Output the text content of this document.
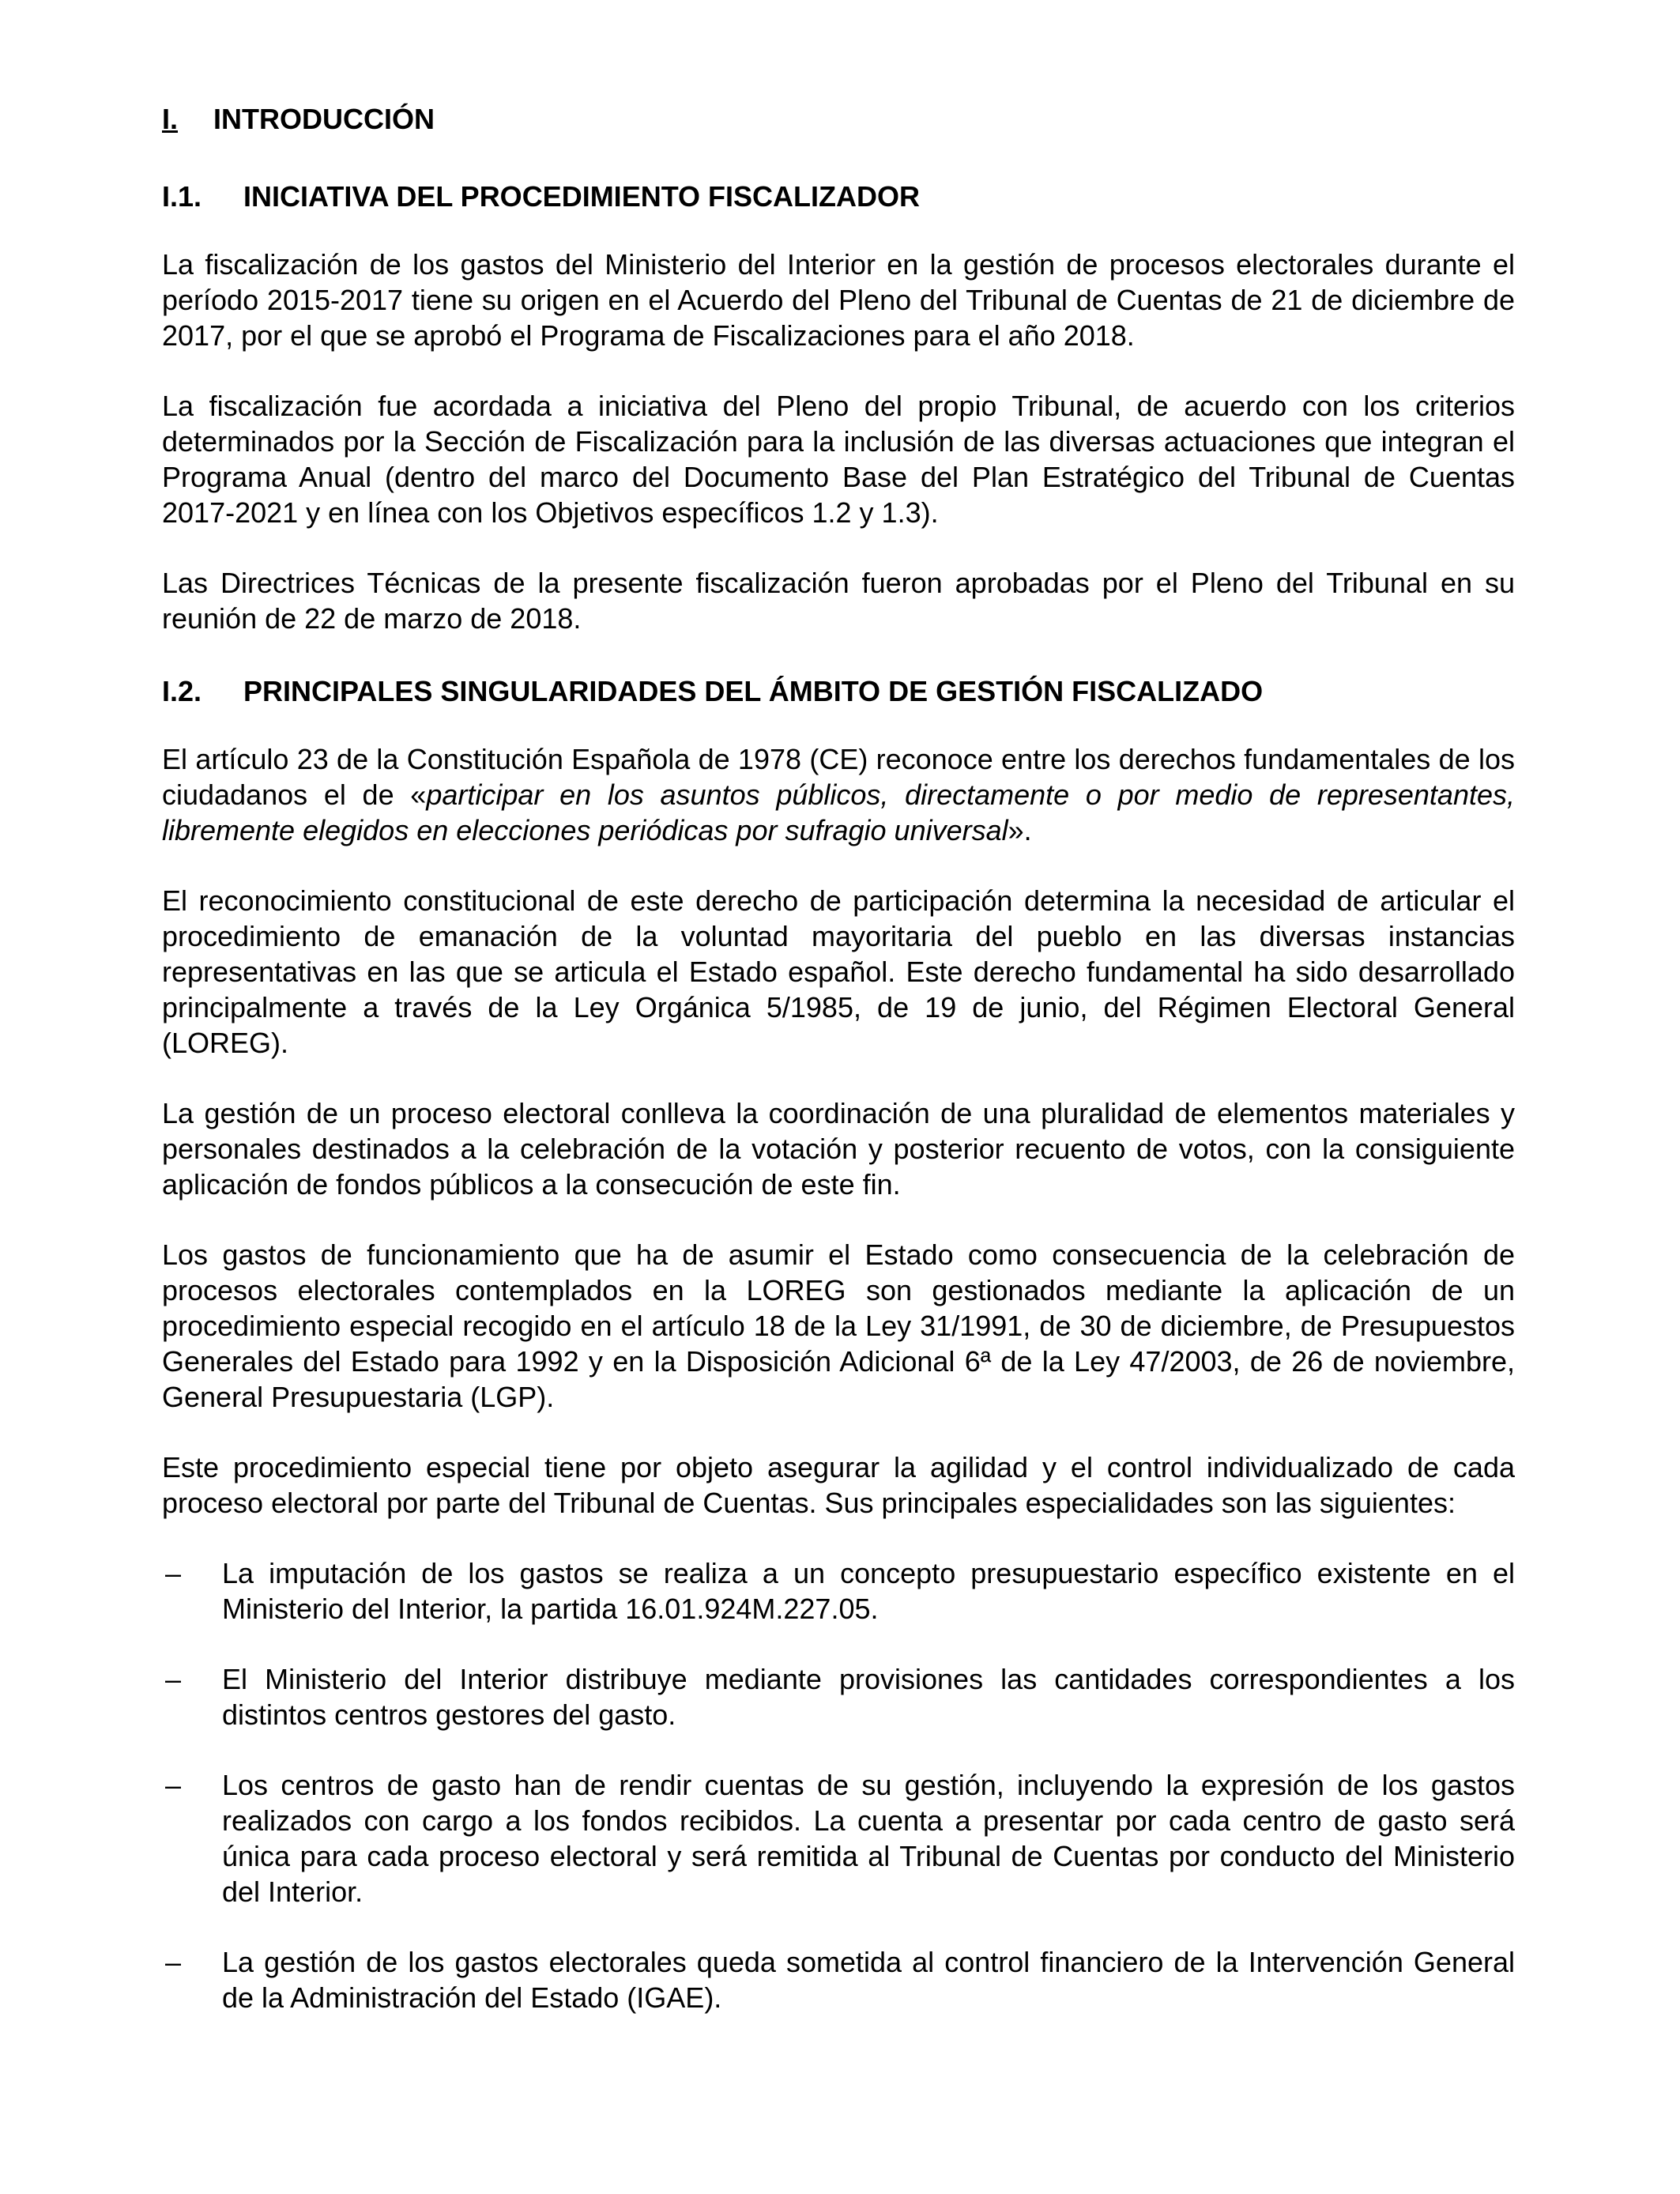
I.	INTRODUCCIÓN
I.1.	INICIATIVA DEL PROCEDIMIENTO FISCALIZADOR

La fiscalización de los gastos del Ministerio del Interior en la gestión de procesos electorales durante el período 2015-2017 tiene su origen en el Acuerdo del Pleno del Tribunal de Cuentas de 21 de diciembre de 2017, por el que se aprobó el Programa de Fiscalizaciones para el año 2018.

La fiscalización fue acordada a iniciativa del Pleno del propio Tribunal, de acuerdo con los criterios determinados por la Sección de Fiscalización para la inclusión de las diversas actuaciones que integran el Programa Anual (dentro del marco del Documento Base del Plan Estratégico del Tribunal de Cuentas 2017-2021 y en línea con los Objetivos específicos 1.2 y 1.3).

Las Directrices Técnicas de la presente fiscalización fueron aprobadas por el Pleno del Tribunal en su reunión de 22 de marzo de 2018.

I.2.	PRINCIPALES SINGULARIDADES DEL ÁMBITO DE GESTIÓN FISCALIZADO

El artículo 23 de la Constitución Española de 1978 (CE) reconoce entre los derechos fundamentales de los ciudadanos el de «participar en los asuntos públicos, directamente o por medio de representantes, libremente elegidos en elecciones periódicas por sufragio universal».

El reconocimiento constitucional de este derecho de participación determina la necesidad de articular el procedimiento de emanación de la voluntad mayoritaria del pueblo en las diversas instancias representativas en las que se articula el Estado español. Este derecho fundamental ha sido desarrollado principalmente a través de la Ley Orgánica 5/1985, de 19 de junio, del Régimen Electoral General (LOREG).

La gestión de un proceso electoral conlleva la coordinación de una pluralidad de elementos materiales y personales destinados a la celebración de la votación y posterior recuento de votos, con la consiguiente aplicación de fondos públicos a la consecución de este fin.

Los gastos de funcionamiento que ha de asumir el Estado como consecuencia de la celebración de procesos electorales contemplados en la LOREG son gestionados mediante la aplicación de un procedimiento especial recogido en el artículo 18 de la Ley 31/1991, de 30 de diciembre, de Presupuestos Generales del Estado para 1992 y en la Disposición Adicional 6ª de la Ley 47/2003, de 26 de noviembre, General Presupuestaria (LGP).

Este procedimiento especial tiene por objeto asegurar la agilidad y el control individualizado de cada proceso electoral por parte del Tribunal de Cuentas. Sus principales especialidades son las siguientes:

–	La imputación de los gastos se realiza a un concepto presupuestario específico existente en el Ministerio del Interior, la partida 16.01.924M.227.05.
–	El Ministerio del Interior distribuye mediante provisiones las cantidades correspondientes a los distintos centros gestores del gasto.
–	Los centros de gasto han de rendir cuentas de su gestión, incluyendo la expresión de los gastos realizados con cargo a los fondos recibidos. La cuenta a presentar por cada centro de gasto será única para cada proceso electoral y será remitida al Tribunal de Cuentas por conducto del Ministerio del Interior.
–	La gestión de los gastos electorales queda sometida al control financiero de la Intervención General de la Administración del Estado (IGAE).
